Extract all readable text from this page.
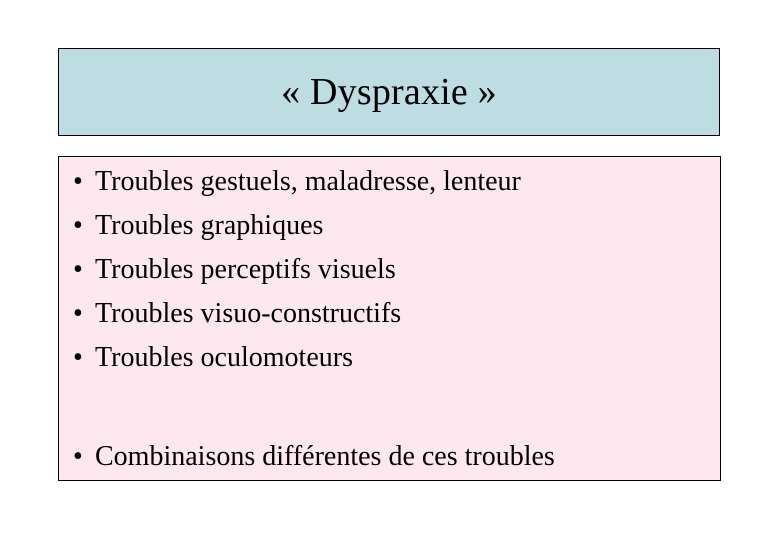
« Dyspraxie »
• Troubles gestuels, maladresse, lenteur
• Troubles graphiques
• Troubles perceptifs visuels
• Troubles visuo-constructifs
• Troubles oculomoteurs
• Combinaisons différentes de ces troubles
